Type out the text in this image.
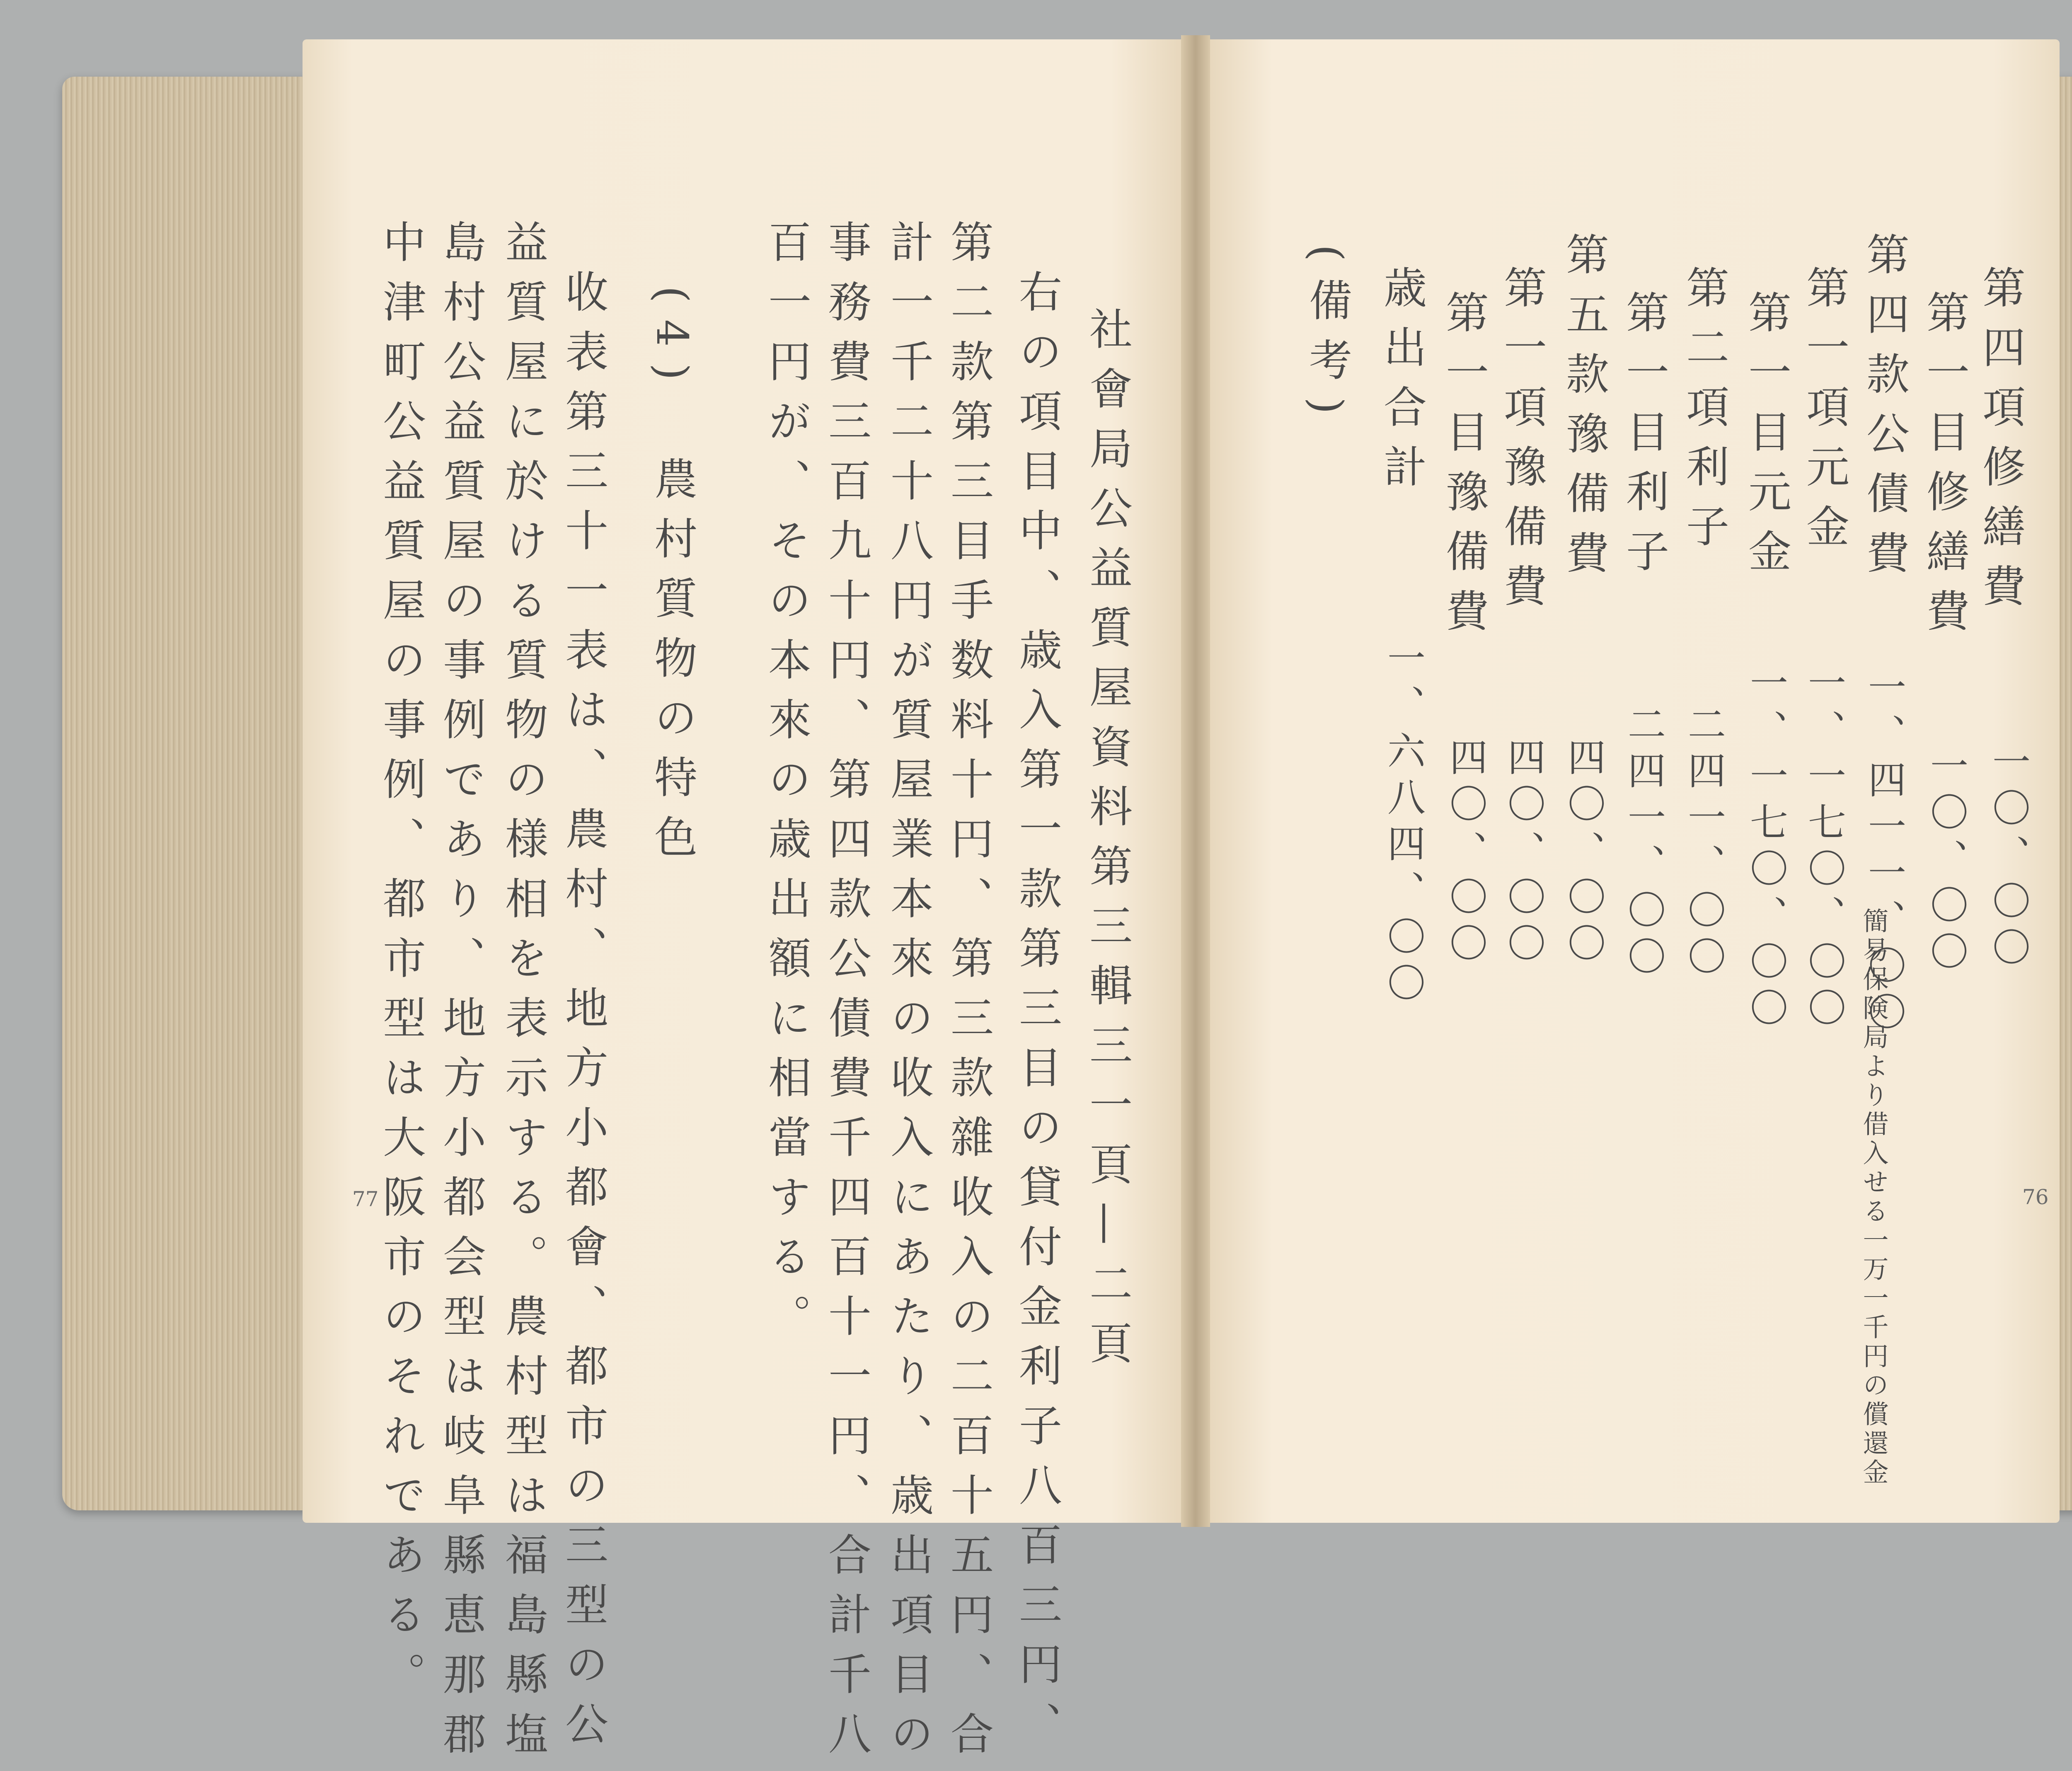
社會局公益質屋資料第三輯三一頁—二頁
右の項目中、歳入第一款第三目の貸付金利子八百三円、
第二款第三目手数料十円、第三款雜收入の二百十五円、合
計一千二十八円が質屋業本來の收入にあたり、歳出項目の
事務費三百九十円、第四款公債費千四百十一円、合計千八
百一円が、その本來の歳出額に相當する。
(4)　農村質物の特色
收表第三十一表は、農村、地方小都會、都市の三型の公
益質屋に於ける質物の様相を表示する。農村型は福島縣塩
島村公益質屋の事例であり、地方小都会型は岐阜縣恵那郡
中津町公益質屋の事例、都市型は大阪市のそれである。
77
第四項修繕費
一〇、〇〇
第一目修繕費
一〇、〇〇
第四款公債費
一、四一一、〇〇
第一項元金
一、一七〇、〇〇
第一目元金
一、一七〇、〇〇
第二項利子
二四一、〇〇
第一目利子
二四一、〇〇
第五款豫備費
四〇、〇〇
第一項豫備費
四〇、〇〇
第一目豫備費
四〇、〇〇
歳出合計
一、六八四、〇〇
(備考)
簡易保険局より借入せる一万一千円の償還金	76
